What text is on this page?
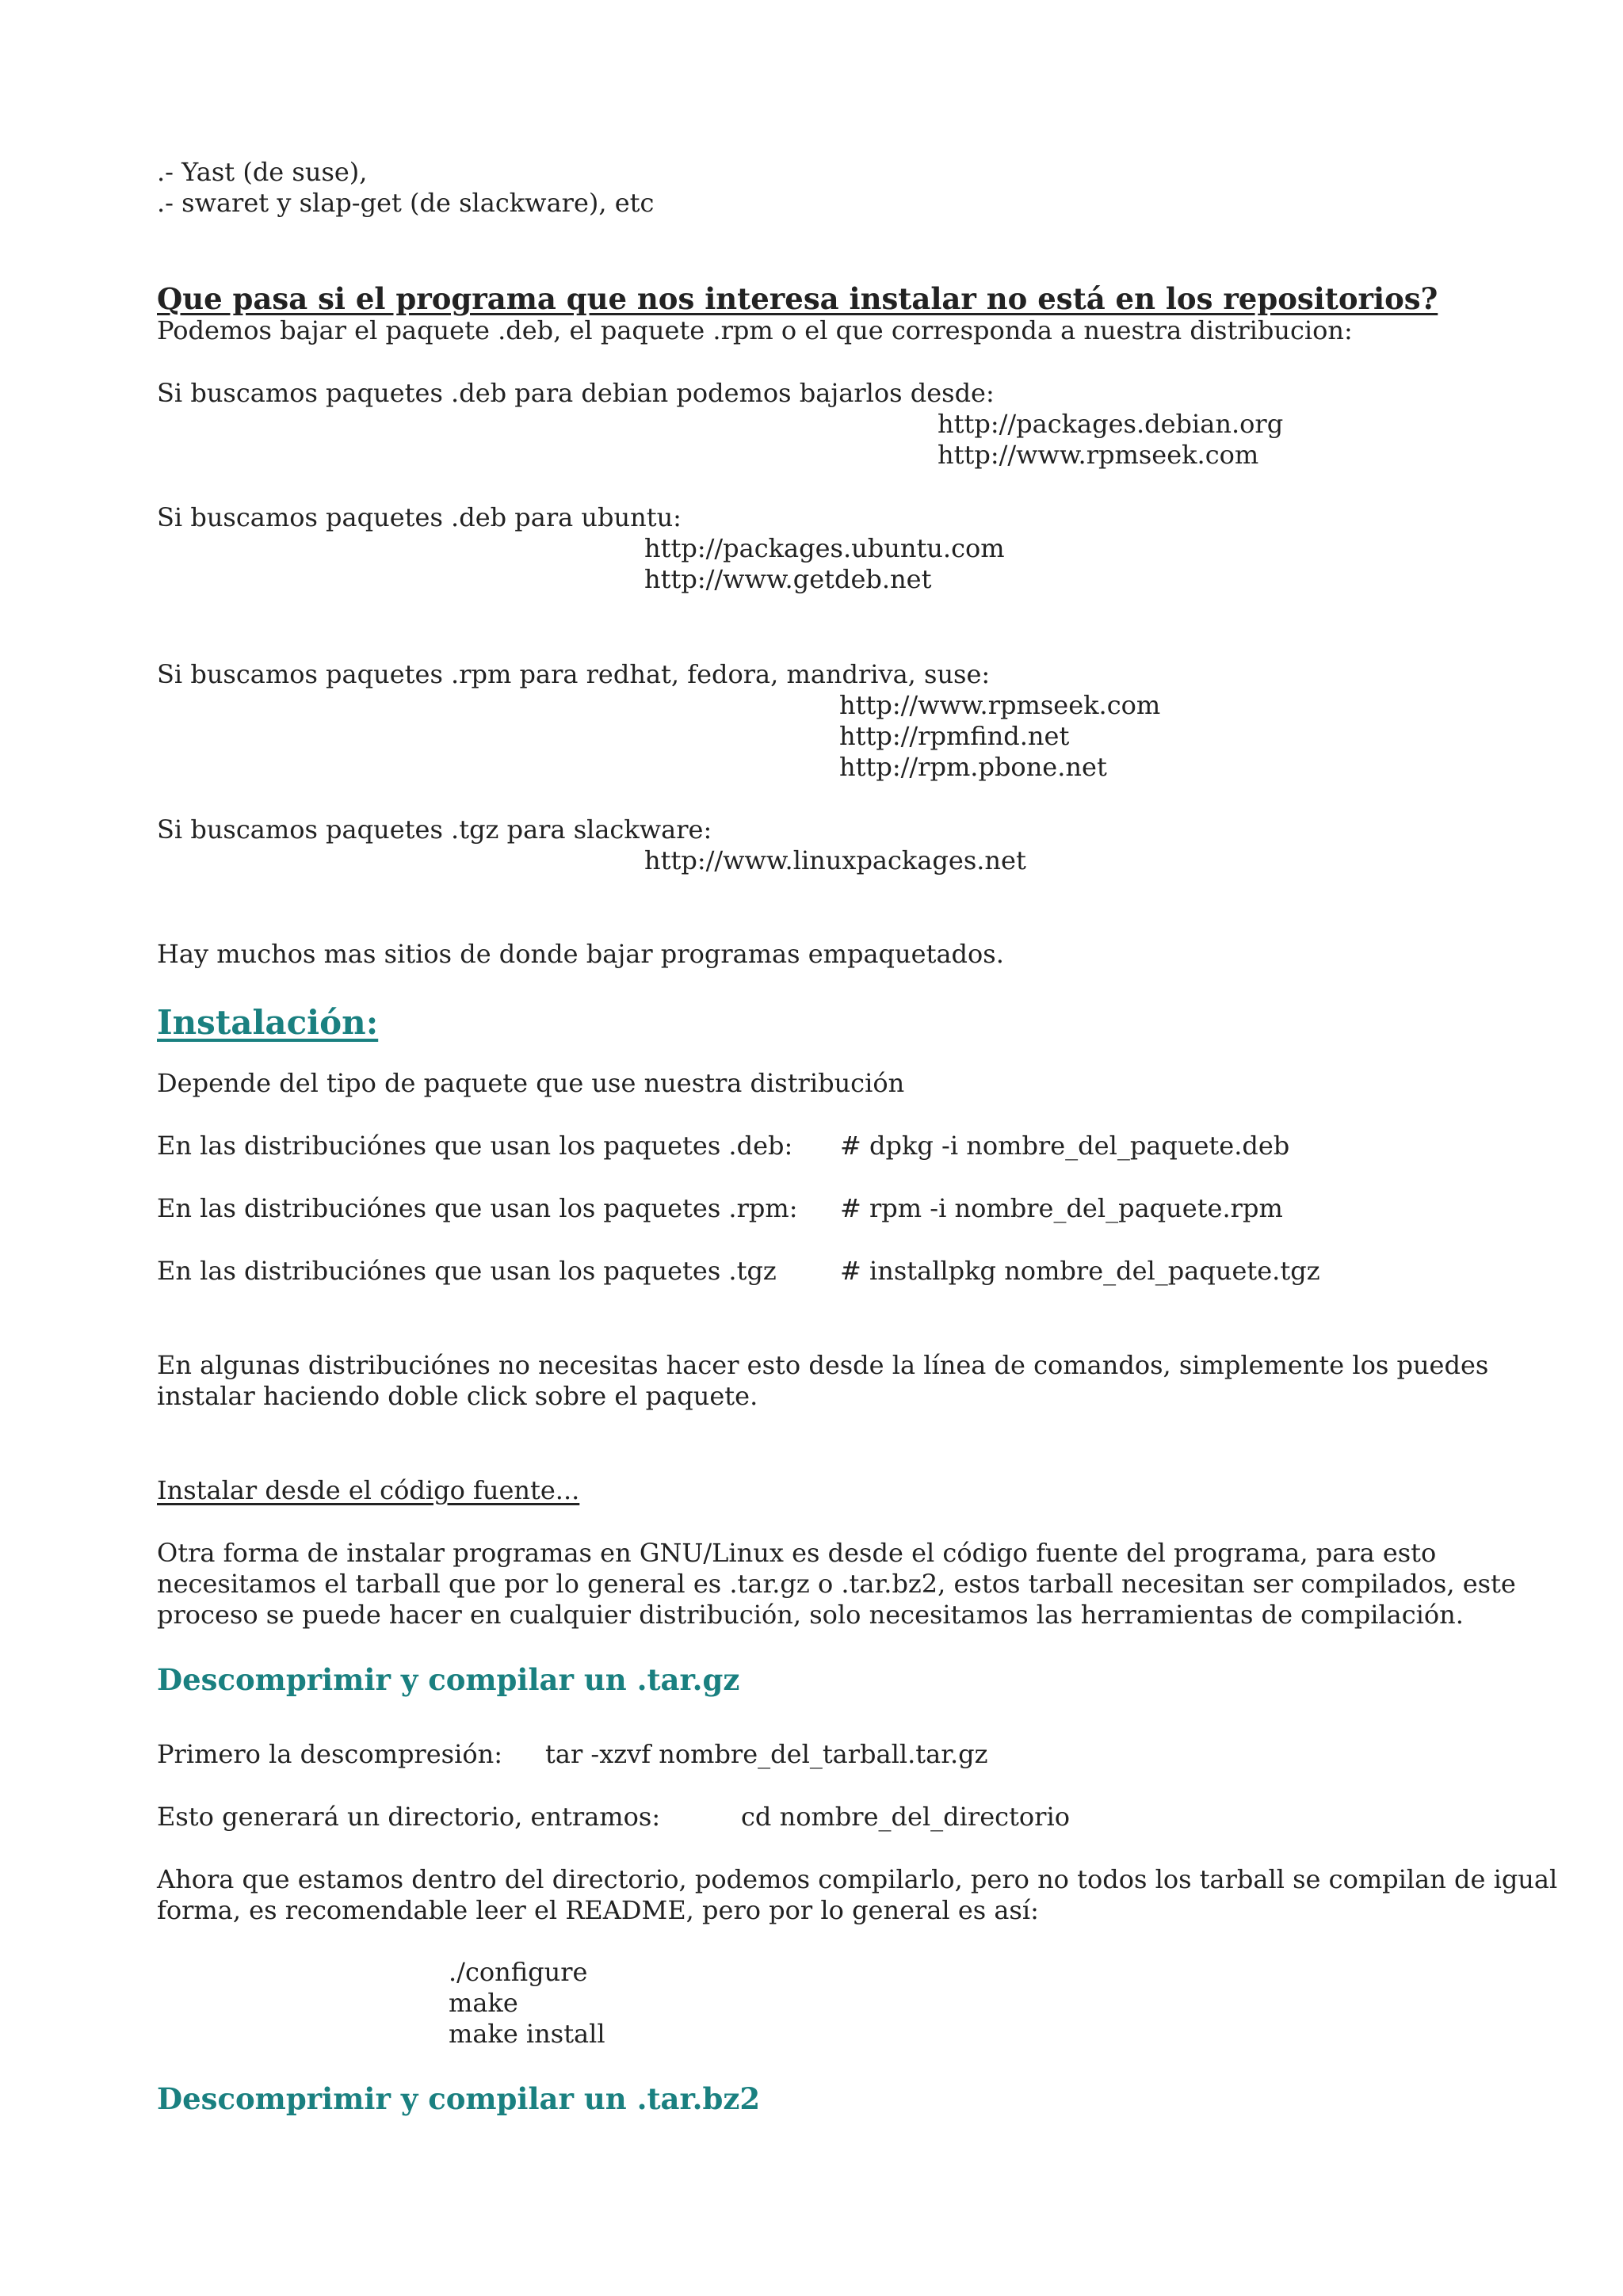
.- Yast (de suse),
.- swaret y slap-get (de slackware), etc
Que pasa si el programa que nos interesa instalar no está en los repositorios?
Podemos bajar el paquete .deb, el paquete .rpm o el que corresponda a nuestra distribucion:
Si buscamos paquetes .deb para debian podemos bajarlos desde:
http://packages.debian.org
http://www.rpmseek.com
Si buscamos paquetes .deb para ubuntu:
http://packages.ubuntu.com
http://www.getdeb.net
Si buscamos paquetes .rpm para redhat, fedora, mandriva, suse:
http://www.rpmseek.com
http://rpmfind.net
http://rpm.pbone.net
Si buscamos paquetes .tgz para slackware:
http://www.linuxpackages.net
Hay muchos mas sitios de donde bajar programas empaquetados.
Instalación:
Depende del tipo de paquete que use nuestra distribución
En las distribuciónes que usan los paquetes .deb: # dpkg -i nombre_del_paquete.deb
En las distribuciónes que usan los paquetes .rpm: # rpm -i nombre_del_paquete.rpm
En las distribuciónes que usan los paquetes .tgz	# installpkg nombre_del_paquete.tgz
En algunas distribuciónes no necesitas hacer esto desde la línea de comandos, simplemente los puedes
instalar haciendo doble click sobre el paquete.
Instalar desde el código fuente...
Otra forma de instalar programas en GNU/Linux es desde el código fuente del programa, para esto
necesitamos el tarball que por lo general es .tar.gz o .tar.bz2, estos tarball necesitan ser compilados, este
proceso se puede hacer en cualquier distribución, solo necesitamos las herramientas de compilación.
Descomprimir y compilar un .tar.gz
Primero la descompresión: tar -xzvf nombre_del_tarball.tar.gz
Esto generará un directorio, entramos:	cd nombre_del_directorio
Ahora que estamos dentro del directorio, podemos compilarlo, pero no todos los tarball se compilan de igual
forma, es recomendable leer el README, pero por lo general es así:
./configure
make
make install
Descomprimir y compilar un .tar.bz2
